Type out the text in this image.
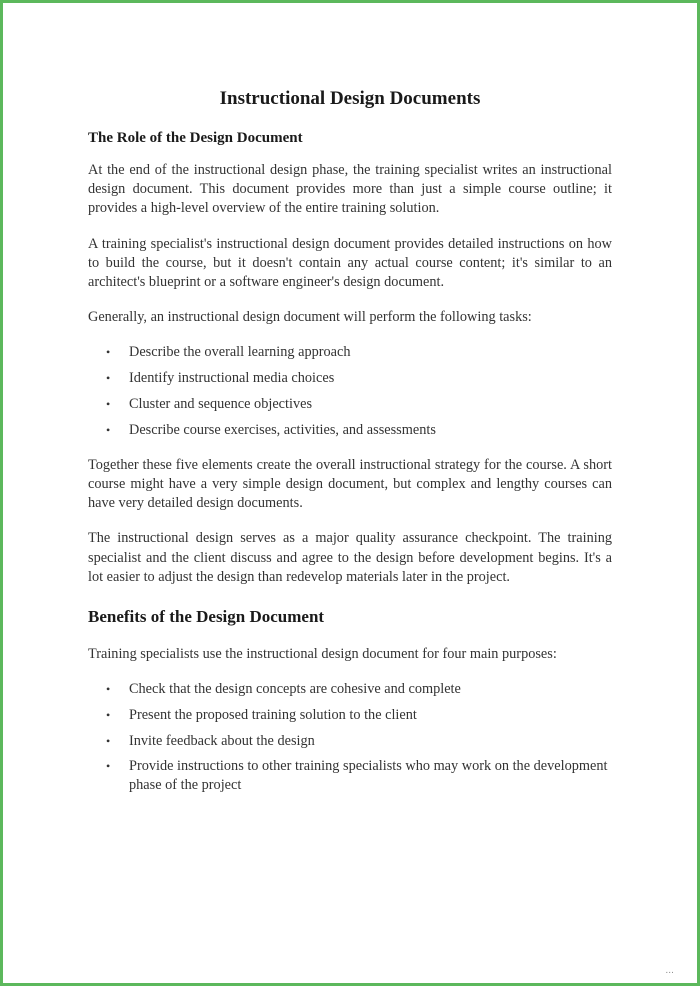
Instructional Design Documents
The Role of the Design Document

At the end of the instructional design phase, the training specialist writes an instructional design document. This document provides more than just a simple course outline; it provides a high-level overview of the entire training solution.

A training specialist's instructional design document provides detailed instructions on how to build the course, but it doesn't contain any actual course content; it's similar to an architect's blueprint or a software engineer's design document.

Generally, an instructional design document will perform the following tasks:

• Describe the overall learning approach
• Identify instructional media choices
• Cluster and sequence objectives
• Describe course exercises, activities, and assessments

Together these five elements create the overall instructional strategy for the course. A short course might have a very simple design document, but complex and lengthy courses can have very detailed design documents.

The instructional design serves as a major quality assurance checkpoint. The training specialist and the client discuss and agree to the design before development begins. It's a lot easier to adjust the design than redevelop materials later in the project.

Benefits of the Design Document

Training specialists use the instructional design document for four main purposes:

• Check that the design concepts are cohesive and complete
• Present the proposed training solution to the client
• Invite feedback about the design
• Provide instructions to other training specialists who may work on the development phase of the project
...
